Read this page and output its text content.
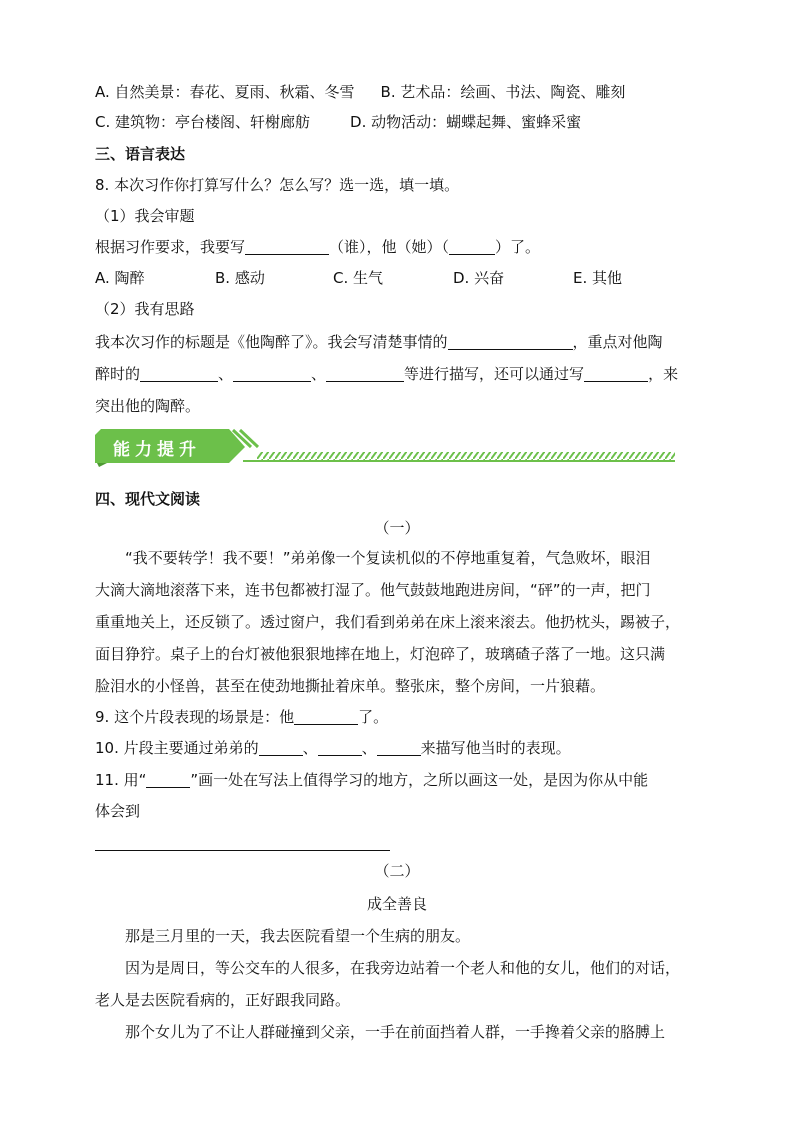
A. 自然美景：春花、夏雨、秋霜、冬雪 B. 艺术品：绘画、书法、陶瓷、雕刻
C. 建筑物：亭台楼阁、轩榭廊舫	D. 动物活动：蝴蝶起舞、蜜蜂采蜜
三、语言表达
8. 本次习作你打算写什么？怎么写？选一选，填一填。
（1）我会审题
根据习作要求，我要写	（谁），他（她）（	）了。
A. 陶醉	B. 感动	C. 生气	D. 兴奋	E. 其他
（2）我有思路
我本次习作的标题是《他陶醉了》。我会写清楚事情的	，重点对他陶
醉时的	、	、	等进行描写，还可以通过写	，来
突出他的陶醉。
能力提升
四、现代文阅读
（一）
“我不要转学！我不要！”弟弟像一个复读机似的不停地重复着，气急败坏，眼泪
大滴大滴地滚落下来，连书包都被打湿了。他气鼓鼓地跑进房间，“砰”的一声，把门
重重地关上，还反锁了。透过窗户，我们看到弟弟在床上滚来滚去。他扔枕头，踢被子，
面目狰狞。桌子上的台灯被他狠狠地摔在地上，灯泡碎了，玻璃碴子落了一地。这只满
脸泪水的小怪兽，甚至在使劲地撕扯着床单。整张床，整个房间，一片狼藉。
9. 这个片段表现的场景是：他	了。
10. 片段主要通过弟弟的	、	、	来描写他当时的表现。
11. 用“	”画一处在写法上值得学习的地方，之所以画这一处，是因为你从中能
体会到
（二）
成全善良
那是三月里的一天，我去医院看望一个生病的朋友。
因为是周日，等公交车的人很多，在我旁边站着一个老人和他的女儿，他们的对话，
老人是去医院看病的，正好跟我同路。
那个女儿为了不让人群碰撞到父亲，一手在前面挡着人群，一手搀着父亲的胳膊上
